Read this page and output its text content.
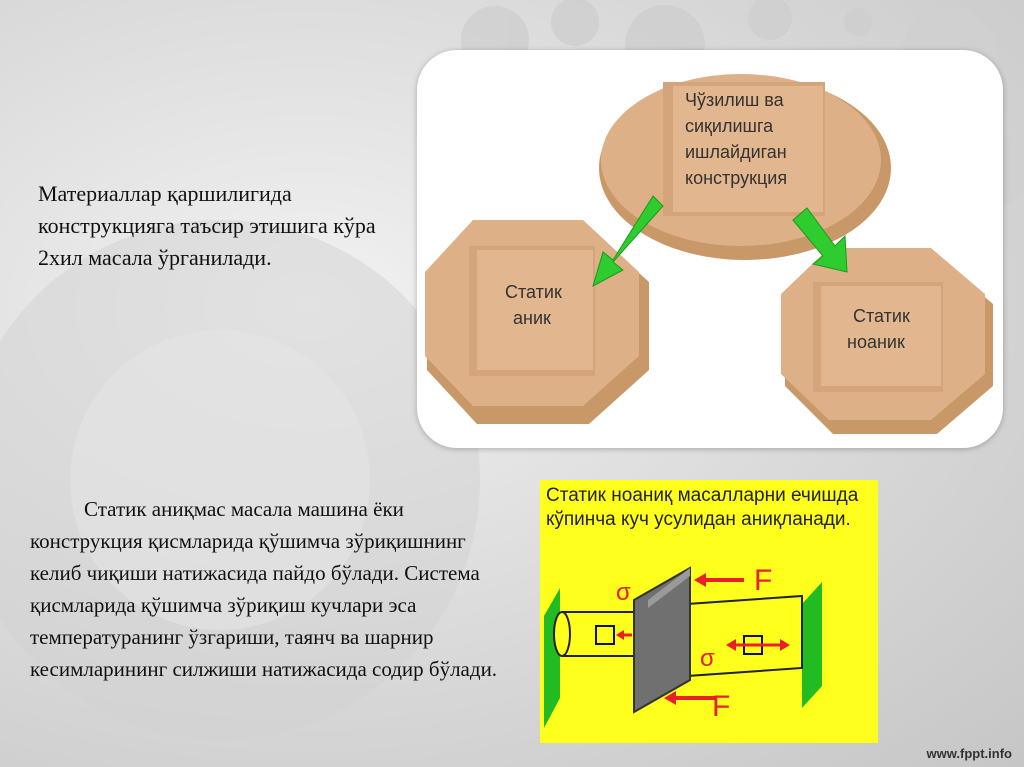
Материаллар қаршилигида конструкцияга таъсир этишига кўра 2хил масала ўрганилади.
Чўзилиш ва сиқилишга ишлайдиган конструкция
Статик аник	Статик ноаник
Статик аниқмас масала машина ёки конструкция қисмларида қўшимча зўриқишнинг келиб чиқиши натижасида пайдо бўлади. Система қисмларида қўшимча зўриқиш кучлари эса температуранинг ўзгариши, таянч ва шарнир кесимларининг силжиши натижасида содир бўлади.
Статик ноаниқ масалларни ечишда кўпинча куч усулидан аниқланади.
σ
σ
F
F
www.fppt.info
